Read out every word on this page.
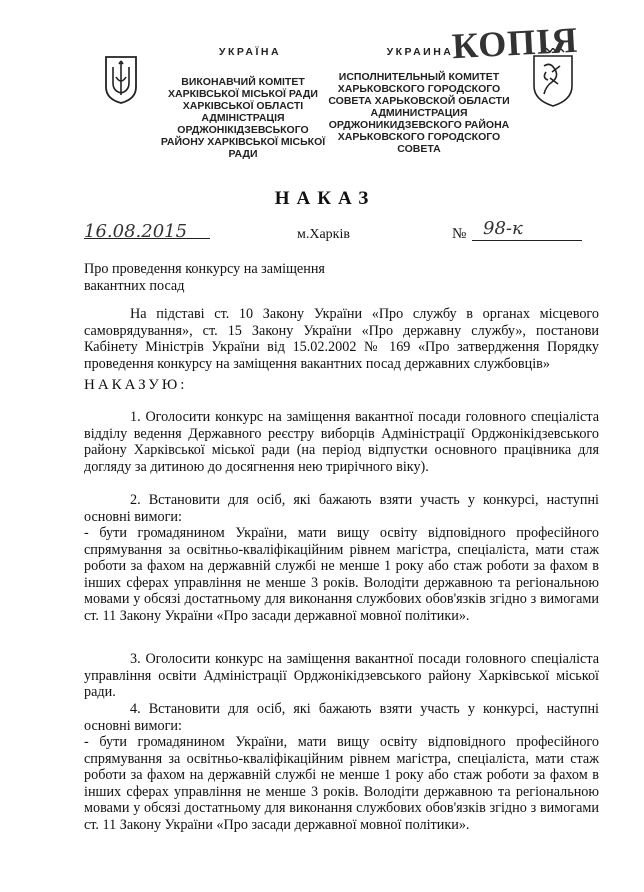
УКРАЇНА
ВИКОНАВЧИЙ КОМІТЕТ ХАРКІВСЬКОЇ МІСЬКОЇ РАДИ ХАРКІВСЬКОЇ ОБЛАСТІ АДМІНІСТРАЦІЯ ОРДЖОНІКІДЗЕВСЬКОГО РАЙОНУ ХАРКІВСЬКОЇ МІСЬКОЇ РАДИ
УКРАИНА
ИСПОЛНИТЕЛЬНЫЙ КОМИТЕТ ХАРЬКОВСКОГО ГОРОДСКОГО СОВЕТА ХАРЬКОВСКОЙ ОБЛАСТИ АДМИНИСТРАЦИЯ ОРДЖОНИКИДЗЕВСКОГО РАЙОНА ХАРЬКОВСКОГО ГОРОДСКОГО СОВЕТА
КОПІЯ
НАКАЗ
16.08.2015	м.Харків	№ 98-к
Про проведення конкурсу на заміщення вакантних посад
На підставі ст. 10 Закону України «Про службу в органах місцевого самоврядування», ст. 15 Закону України «Про державну службу», постанови Кабінету Міністрів України від 15.02.2002 № 169 «Про затвердження Порядку проведення конкурсу на заміщення вакантних посад державних службовців»
НАКАЗУЮ:
1. Оголосити конкурс на заміщення вакантної посади головного спеціаліста відділу ведення Державного реєстру виборців Адміністрації Орджонікідзевського району Харківської міської ради (на період відпустки основного працівника для догляду за дитиною до досягнення нею трирічного віку).
2. Встановити для осіб, які бажають взяти участь у конкурсі, наступні основні вимоги:
- бути громадянином України, мати вищу освіту відповідного професійного спрямування за освітньо-кваліфікаційним рівнем магістра, спеціаліста, мати стаж роботи за фахом на державній службі не менше 1 року або стаж роботи за фахом в інших сферах управління не менше 3 років. Володіти державною та регіональною мовами у обсязі достатньому для виконання службових обов'язків згідно з вимогами ст. 11 Закону України «Про засади державної мовної політики».
3. Оголосити конкурс на заміщення вакантної посади головного спеціаліста управління освіти Адміністрації Орджонікідзевського району Харківської міської ради.
4. Встановити для осіб, які бажають взяти участь у конкурсі, наступні основні вимоги:
- бути громадянином України, мати вищу освіту відповідного професійного спрямування за освітньо-кваліфікаційним рівнем магістра, спеціаліста, мати стаж роботи за фахом на державній службі не менше 1 року або стаж роботи за фахом в інших сферах управління не менше 3 років. Володіти державною та регіональною мовами у обсязі достатньому для виконання службових обов'язків згідно з вимогами ст. 11 Закону України «Про засади державної мовної політики».
